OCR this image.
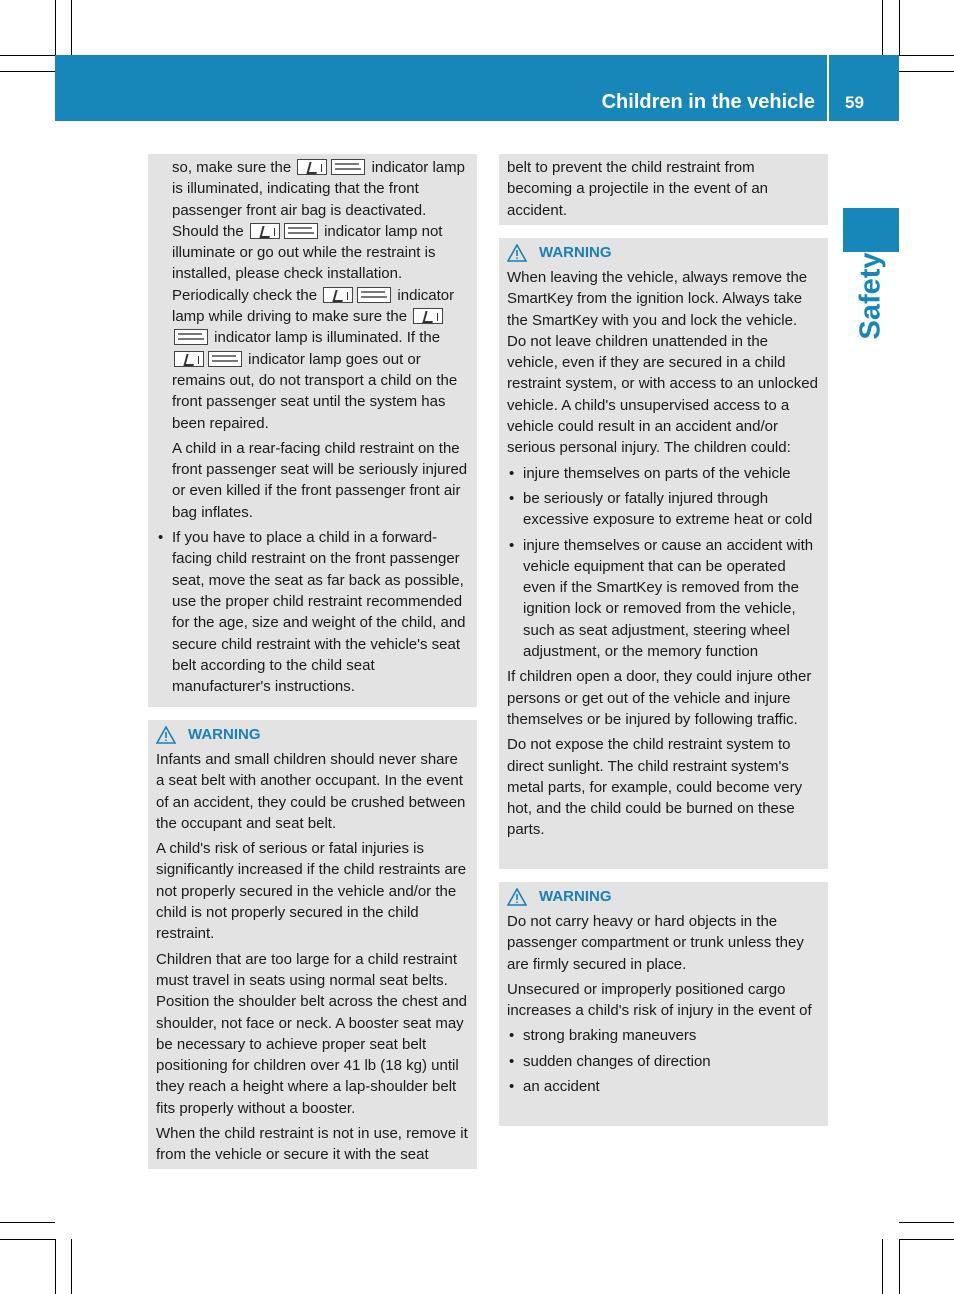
Children in the vehicle 59
Safety

so, make sure the	indicator lamp is illuminated, indicating that the front passenger front air bag is deactivated. Should the	indicator lamp not illuminate or go out while the restraint is installed, please check installation. Periodically check the	indicator lamp while driving to make sure the  indicator lamp is illuminated. If the  indicator lamp goes out or remains out, do not transport a child on the front passenger seat until the system has been repaired.

A child in a rear-facing child restraint on the front passenger seat will be seriously injured or even killed if the front passenger front air bag inflates.

• If you have to place a child in a forward-facing child restraint on the front passenger seat, move the seat as far back as possible, use the proper child restraint recommended for the age, size and weight of the child, and secure child restraint with the vehicle's seat belt according to the child seat manufacturer's instructions.
WARNING

Infants and small children should never share a seat belt with another occupant. In the event of an accident, they could be crushed between the occupant and seat belt.

A child's risk of serious or fatal injuries is significantly increased if the child restraints are not properly secured in the vehicle and/or the child is not properly secured in the child restraint.

Children that are too large for a child restraint must travel in seats using normal seat belts. Position the shoulder belt across the chest and shoulder, not face or neck. A booster seat may be necessary to achieve proper seat belt positioning for children over 41 lb (18 kg) until they reach a height where a lap-shoulder belt fits properly without a booster.

When the child restraint is not in use, remove it from the vehicle or secure it with the seat

belt to prevent the child restraint from becoming a projectile in the event of an accident.

WARNING

When leaving the vehicle, always remove the SmartKey from the ignition lock. Always take the SmartKey with you and lock the vehicle. Do not leave children unattended in the vehicle, even if they are secured in a child restraint system, or with access to an unlocked vehicle. A child's unsupervised access to a vehicle could result in an accident and/or serious personal injury. The children could:

• injure themselves on parts of the vehicle
• be seriously or fatally injured through excessive exposure to extreme heat or cold
• injure themselves or cause an accident with vehicle equipment that can be operated even if the SmartKey is removed from the ignition lock or removed from the vehicle, such as seat adjustment, steering wheel adjustment, or the memory function

If children open a door, they could injure other persons or get out of the vehicle and injure themselves or be injured by following traffic.

Do not expose the child restraint system to direct sunlight. The child restraint system's metal parts, for example, could become very hot, and the child could be burned on these parts.

WARNING

Do not carry heavy or hard objects in the passenger compartment or trunk unless they are firmly secured in place.

Unsecured or improperly positioned cargo increases a child's risk of injury in the event of

• strong braking maneuvers
• sudden changes of direction
• an accident
